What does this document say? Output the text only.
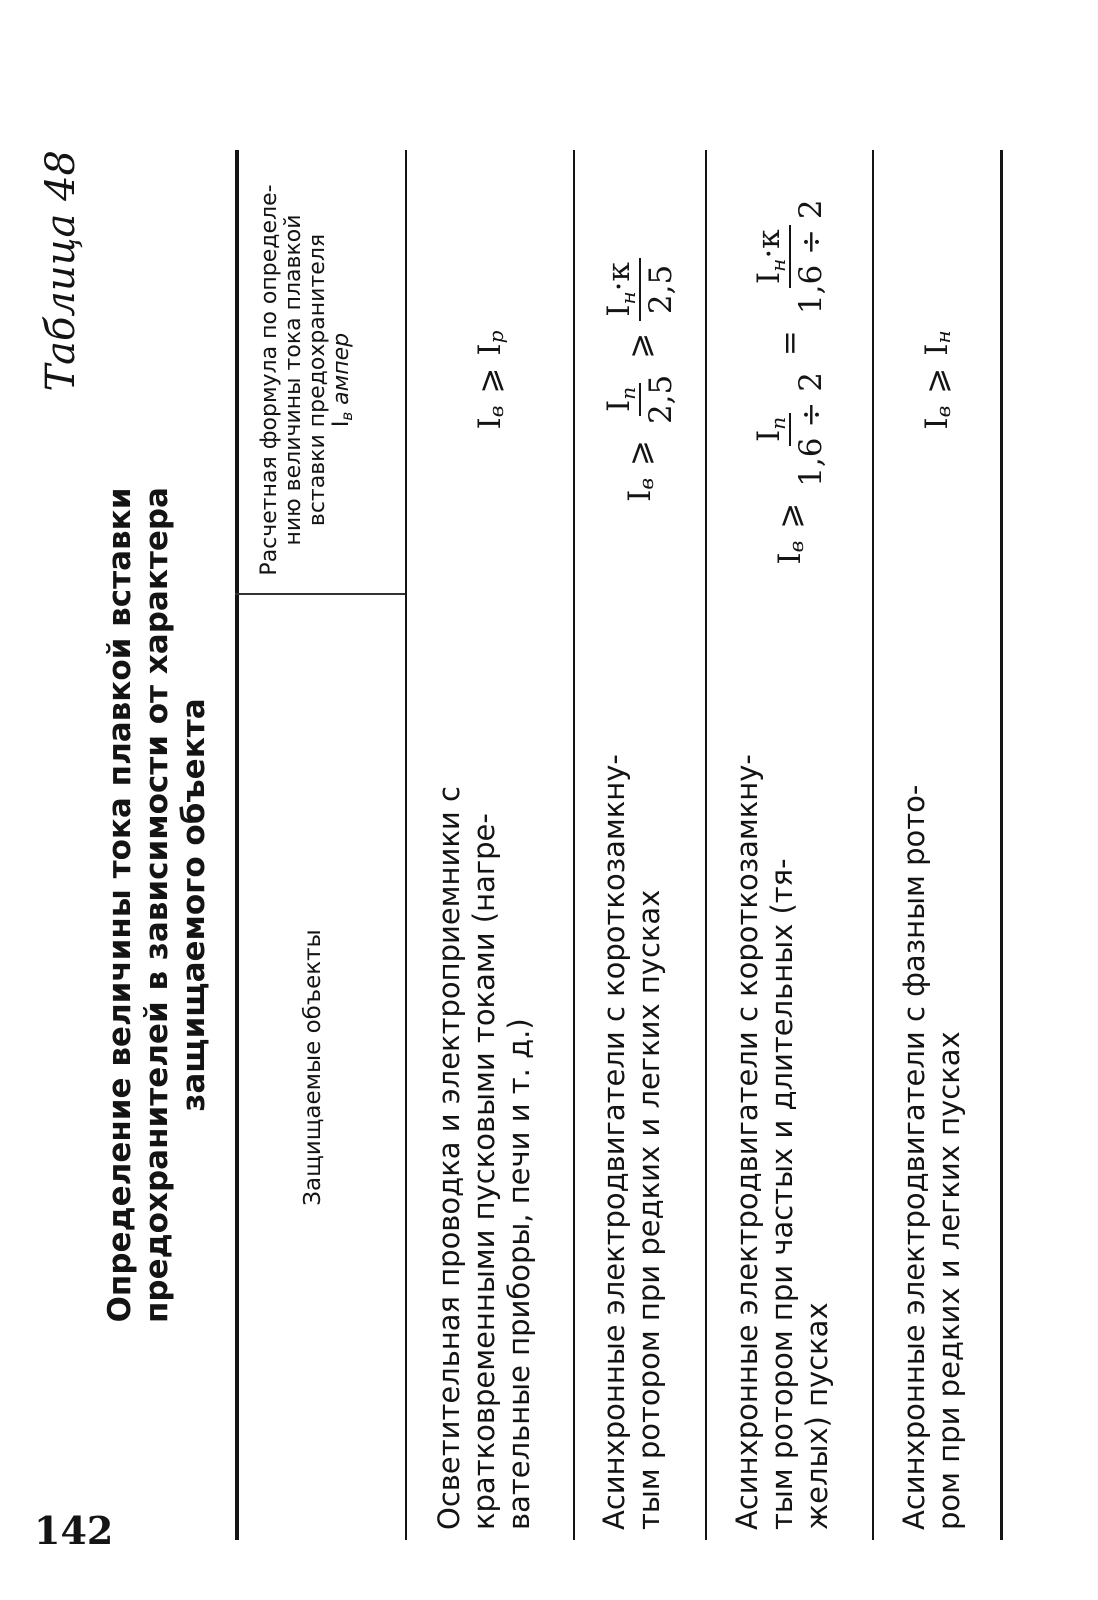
142
Таблица 48
Определение величины тока плавкой вставки предохранителей в зависимости от характера защищаемого объекта	Защищаемые объекты
Расчетная формула по определе- нию величины тока плавкой вставки предохранителя Iв ампер
Осветительная проводка и электроприемники с кратковременными пусковыми токами (нагре- вательные приборы, печи и т. д.)
I
в
⩾
I
р
Асинхронные электродвигатели с короткозамкну- тым ротором при редких и легких пусках
I
в
⩾
Iп 2,5
⩾
Iн·к 2,5
Асинхронные электродвигатели с короткозамкну- тым ротором при частых и длительных (тя- желых) пусках
I
в
⩾
Iп 1,6 ÷ 2
=
Iн·к 1,6 ÷ 2
Асинхронные электродвигатели с фазным рото- ром при редких и легких пусках
I
в
⩾
I
н
